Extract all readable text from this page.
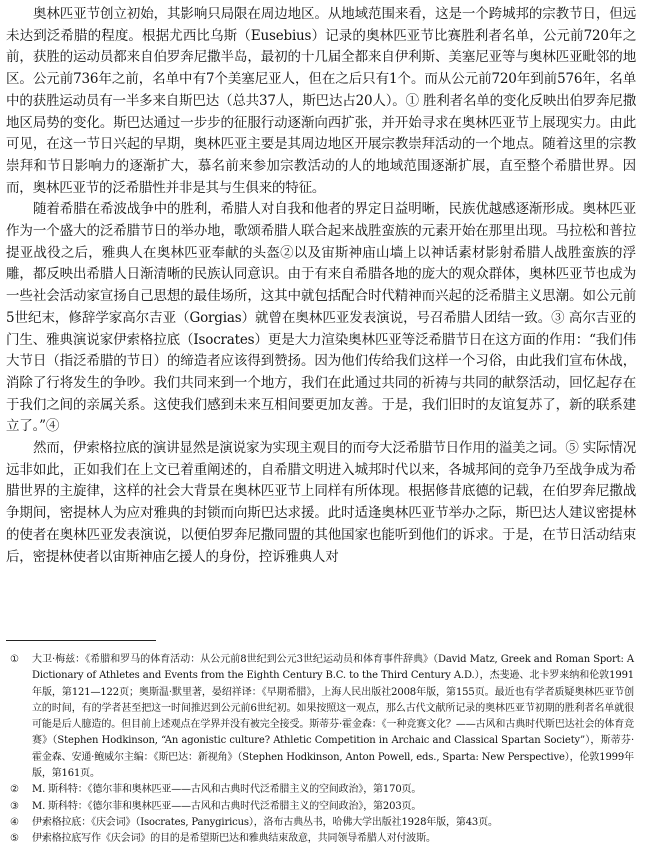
奥林匹亚节创立初始，其影响只局限在周边地区。从地域范围来看，这是一个跨城邦的宗教节日，但远未达到泛希腊的程度。根据尤西比乌斯（Eusebius）记录的奥林匹亚节比赛胜利者名单，公元前720年之前，获胜的运动员都来自伯罗奔尼撒半岛，最初的十几届全都来自伊利斯、美塞尼亚等与奥林匹亚毗邻的地区。公元前736年之前，名单中有7个美塞尼亚人，但在之后只有1个。而从公元前720年到前576年，名单中的获胜运动员有一半多来自斯巴达（总共37人，斯巴达占20人）。① 胜利者名单的变化反映出伯罗奔尼撒地区局势的变化。斯巴达通过一步步的征服行动逐渐向西扩张，并开始寻求在奥林匹亚节上展现实力。由此可见，在这一节日兴起的早期，奥林匹亚主要是其周边地区开展宗教崇拜活动的一个地点。随着这里的宗教崇拜和节日影响力的逐渐扩大，慕名前来参加宗教活动的人的地域范围逐渐扩展，直至整个希腊世界。因而，奥林匹亚节的泛希腊性并非是其与生俱来的特征。

随着希腊在希波战争中的胜利，希腊人对自我和他者的界定日益明晰，民族优越感逐渐形成。奥林匹亚作为一个盛大的泛希腊节日的举办地，歌颂希腊人联合起来战胜蛮族的元素开始在那里出现。马拉松和普拉提亚战役之后，雅典人在奥林匹亚奉献的头盔②以及宙斯神庙山墙上以神话素材影射希腊人战胜蛮族的浮雕，都反映出希腊人日渐清晰的民族认同意识。由于有来自希腊各地的庞大的观众群体，奥林匹亚节也成为一些社会活动家宣扬自己思想的最佳场所，这其中就包括配合时代精神而兴起的泛希腊主义思潮。如公元前5世纪末，修辞学家高尔吉亚（Gorgias）就曾在奥林匹亚发表演说，号召希腊人团结一致。③ 高尔吉亚的门生、雅典演说家伊索格拉底（Isocrates）更是大力渲染奥林匹亚等泛希腊节日在这方面的作用：“我们伟大节日（指泛希腊的节日）的缔造者应该得到赞扬。因为他们传给我们这样一个习俗，由此我们宣布休战，消除了行将发生的争吵。我们共同来到一个地方，我们在此通过共同的祈祷与共同的献祭活动，回忆起存在于我们之间的亲属关系。这使我们感到未来互相间要更加友善。于是，我们旧时的友谊复苏了，新的联系建立了。”④

然而，伊索格拉底的演讲显然是演说家为实现主观目的而夸大泛希腊节日作用的溢美之词。⑤ 实际情况远非如此，正如我们在上文已着重阐述的，自希腊文明进入城邦时代以来，各城邦间的竞争乃至战争成为希腊世界的主旋律，这样的社会大背景在奥林匹亚节上同样有所体现。根据修昔底德的记载，在伯罗奔尼撒战争期间，密提林人为应对雅典的封锁而向斯巴达求援。此时适逢奥林匹亚节举办之际，斯巴达人建议密提林的使者在奥林匹亚发表演说，以便伯罗奔尼撒同盟的其他国家也能听到他们的诉求。于是，在节日活动结束后，密提林使者以宙斯神庙乞援人的身份，控诉雅典人对

①	大卫·梅兹：《希腊和罗马的体育活动：从公元前8世纪到公元3世纪运动员和体育事件辞典》（David Matz, Greek and Roman Sport: A Dictionary of Athletes and Events from the Eighth Century B.C. to the Third Century A.D.），杰斐逊、北卡罗来纳和伦敦1991年版，第121—122页；奥斯温·默里著，晏绍祥译：《早期希腊》，上海人民出版社2008年版，第155页。最近也有学者质疑奥林匹亚节创立的时间，有的学者甚至把这一时间推迟到公元前6世纪初。如果按照这一观点，那么古代文献所记录的奥林匹亚节初期的胜利者名单就很可能是后人臆造的。但目前上述观点在学界并没有被完全接受。斯蒂芬·霍金森：《一种竞赛文化？——古风和古典时代斯巴达社会的体育竞赛》（Stephen Hodkinson, “An agonistic culture? Athletic Competition in Archaic and Classical Spartan Society”），斯蒂芬·霍金森、安通·鲍威尔主编：《斯巴达：新视角》（Stephen Hodkinson, Anton Powell, eds., Sparta: New Perspective），伦敦1999年版，第161页。
②	M. 斯科特：《德尔菲和奥林匹亚——古风和古典时代泛希腊主义的空间政治》，第170页。
③	M. 斯科特：《德尔菲和奥林匹亚——古风和古典时代泛希腊主义的空间政治》，第203页。
④	伊索格拉底：《庆会词》（Isocrates, Panygiricus），洛布古典丛书，哈佛大学出版社1928年版，第43页。
⑤	伊索格拉底写作《庆会词》的目的是希望斯巴达和雅典结束敌意，共同领导希腊人对付波斯。
